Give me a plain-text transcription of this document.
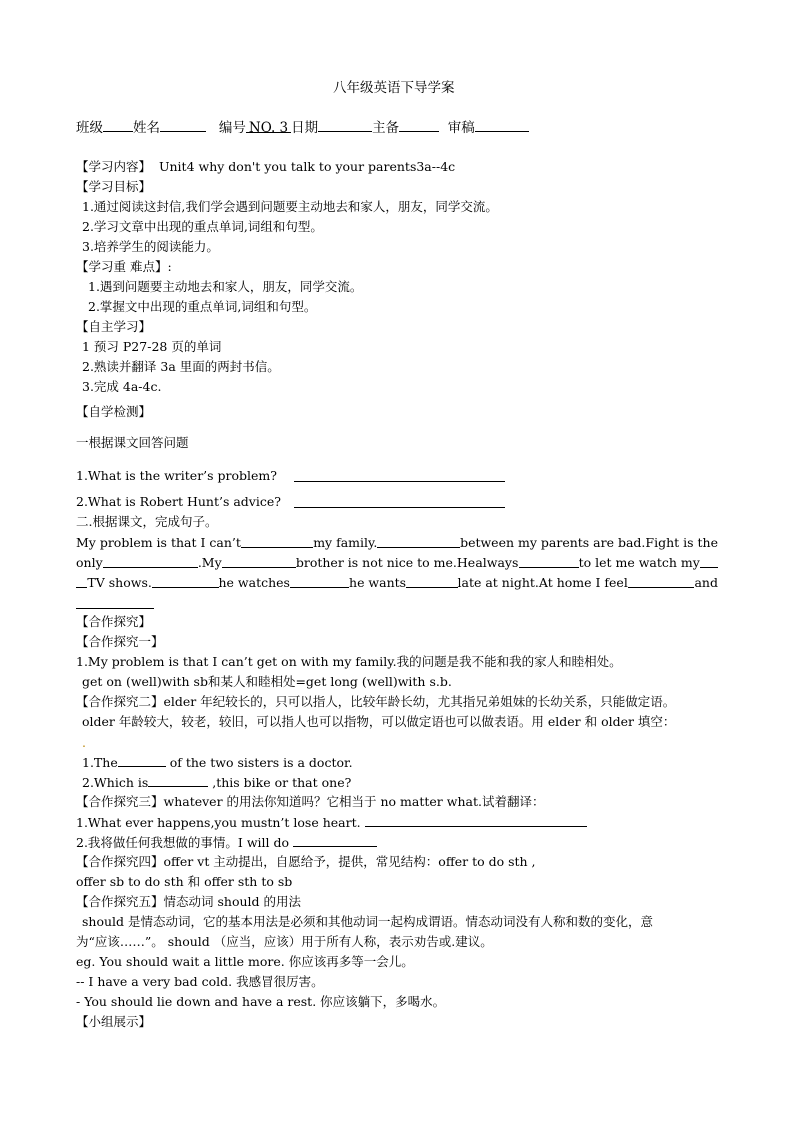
八年级英语下导学案
班级 姓名	编号 NO. 3 日期	主备	审稿
【学习内容】 Unit4 why don't you talk to your parents3a--4c
【学习目标】
1.通过阅读这封信,我们学会遇到问题要主动地去和家人，朋友，同学交流。
2.学习文章中出现的重点单词,词组和句型。
3.培养学生的阅读能力。
【学习重 难点】:
1.遇到问题要主动地去和家人，朋友，同学交流。
2.掌握文中出现的重点单词,词组和句型。
【自主学习】
1 预习 P27-28 页的单词
2.熟读并翻译 3a 里面的两封书信。
3.完成 4a-4c.
【自学检测】
一根据课文回答问题
1.What is the writer’s problem?
2.What is Robert Hunt’s advice?
二.根据课文，完成句子。
My problem is that I can’t	my family.	between my parents are bad.Fight is the
only	.My	brother is not nice to me.He always	to let me watch my
TV shows.	he watches	he wants	late at night.At home I feel	and
【合作探究】
【合作探究一】
1.My problem is that I can’t get on with my family.我的问题是我不能和我的家人和睦相处。
get on (well)with sb和某人和睦相处=get long (well)with s.b.
【合作探究二】elder 年纪较长的，只可以指人，比较年龄长幼，尤其指兄弟姐妹的长幼关系，只能做定语。
older 年龄较大，较老，较旧，可以指人也可以指物，可以做定语也可以做表语。用 elder 和 older 填空：
.
1.The	of the two sisters is a doctor.
2.Which is	,this bike or that one?
【合作探究三】whatever 的用法你知道吗？它相当于 no matter what.试着翻译：
1.What ever happens,you mustn’t lose heart.
2.我将做任何我想做的事情。I will do
【合作探究四】offer vt 主动提出，自愿给予，提供，常见结构：offer to do sth ,
offer sb to do sth 和 offer sth to sb
【合作探究五】情态动词 should 的用法
should 是情态动词，它的基本用法是必须和其他动词一起构成谓语。情态动词没有人称和数的变化，意
为“应该……”。 should （应当，应该）用于所有人称，表示劝告或.建议。
eg. You should wait a little more. 你应该再多等一会儿。
-- I have a very bad cold. 我感冒很厉害。
- You should lie down and have a rest. 你应该躺下，多喝水。
【小组展示】
